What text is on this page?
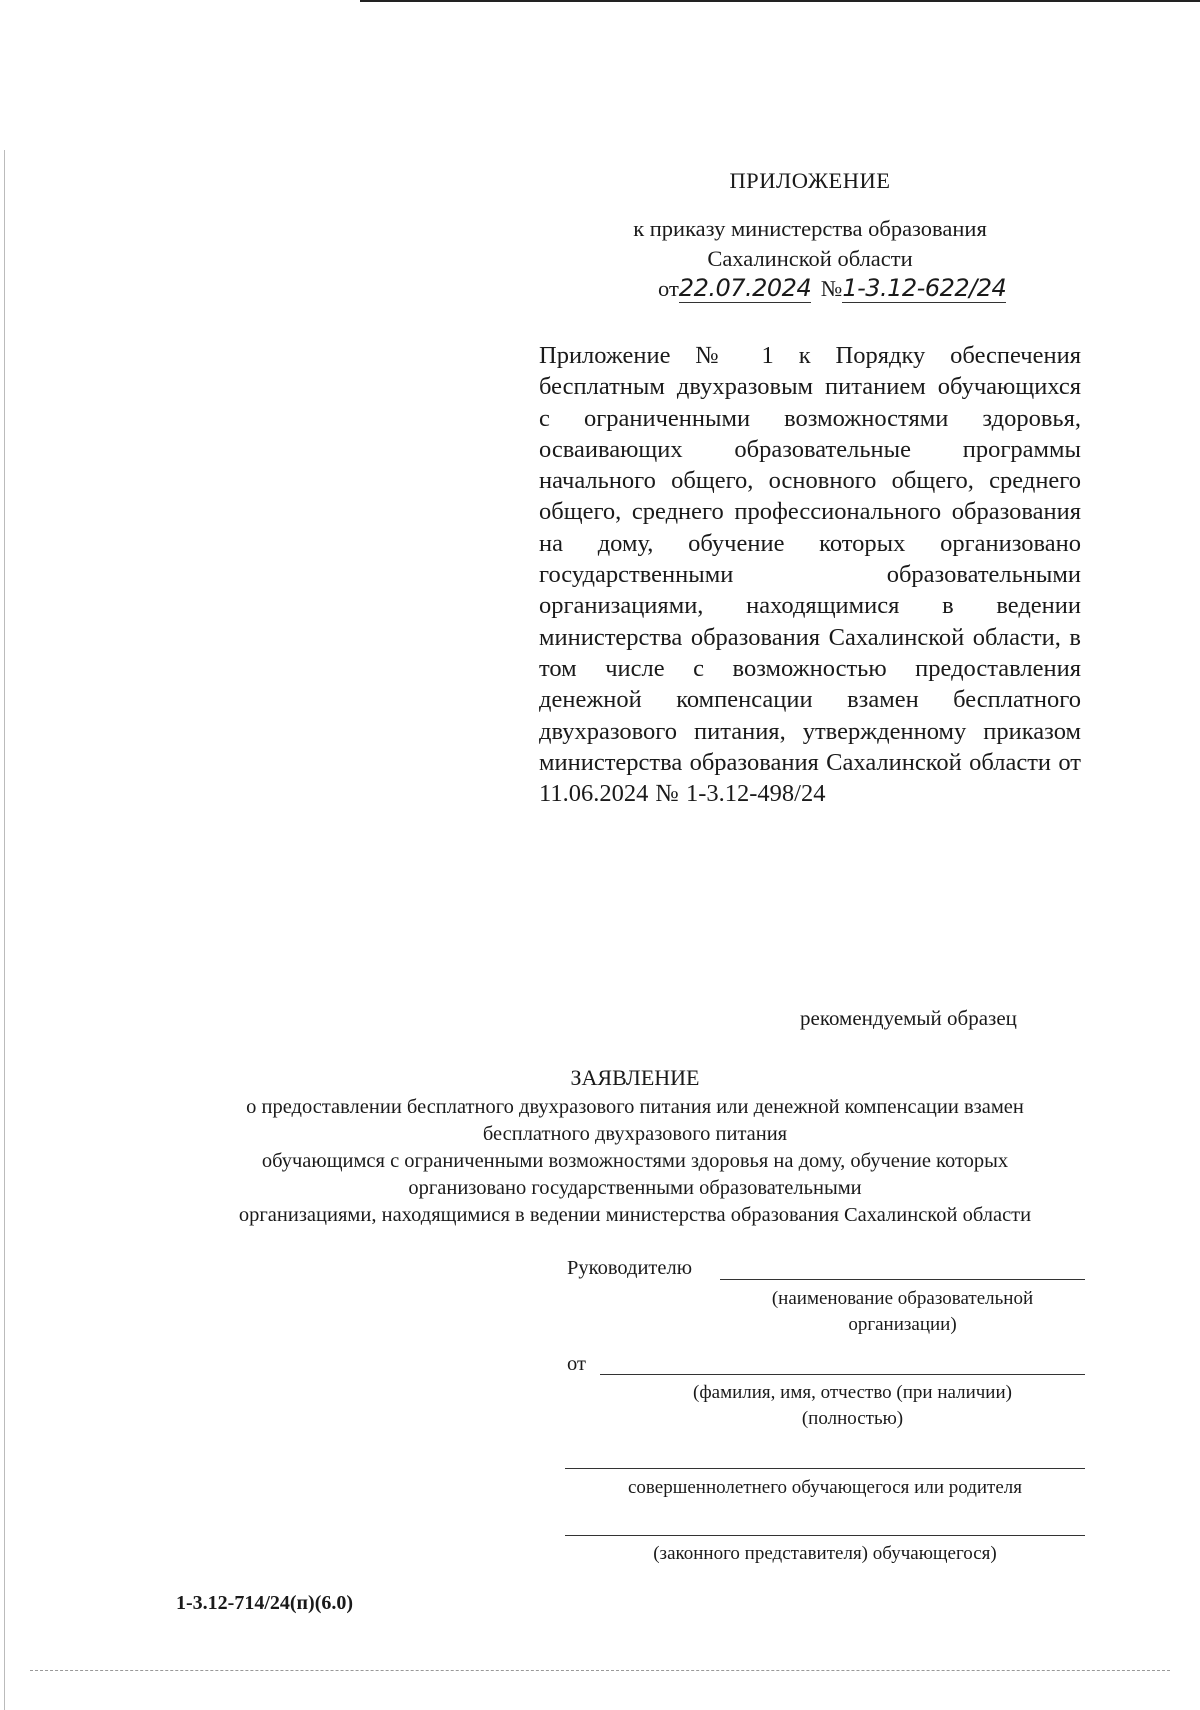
ПРИЛОЖЕНИЕ
к приказу министерства образования
Сахалинской области
от22.07.2024 №1-3.12-622/24
Приложение № 1 к Порядку обеспечения бесплатным двухразовым питанием обучающихся с ограниченными возможностями здоровья, осваивающих образовательные программы начального общего, основного общего, среднего общего, среднего профессионального образования на дому, обучение которых организовано государственными образовательными организациями, находящимися в ведении министерства образования Сахалинской области, в том числе с возможностью предоставления денежной компенсации взамен бесплатного двухразового питания, утвержденному приказом министерства образования Сахалинской области от 11.06.2024 № 1-3.12-498/24
рекомендуемый образец
ЗАЯВЛЕНИЕ
о предоставлении бесплатного двухразового питания или денежной компенсации взамен
бесплатного двухразового питания
обучающимся с ограниченными возможностями здоровья на дому, обучение которых
организовано государственными образовательными
организациями, находящимися в ведении министерства образования Сахалинской области
Руководителю
(наименование образовательной
организации)
от
(фамилия, имя, отчество (при наличии)
(полностью)
совершеннолетнего обучающегося или родителя
(законного представителя) обучающегося)
1-3.12-714/24(п)(6.0)
